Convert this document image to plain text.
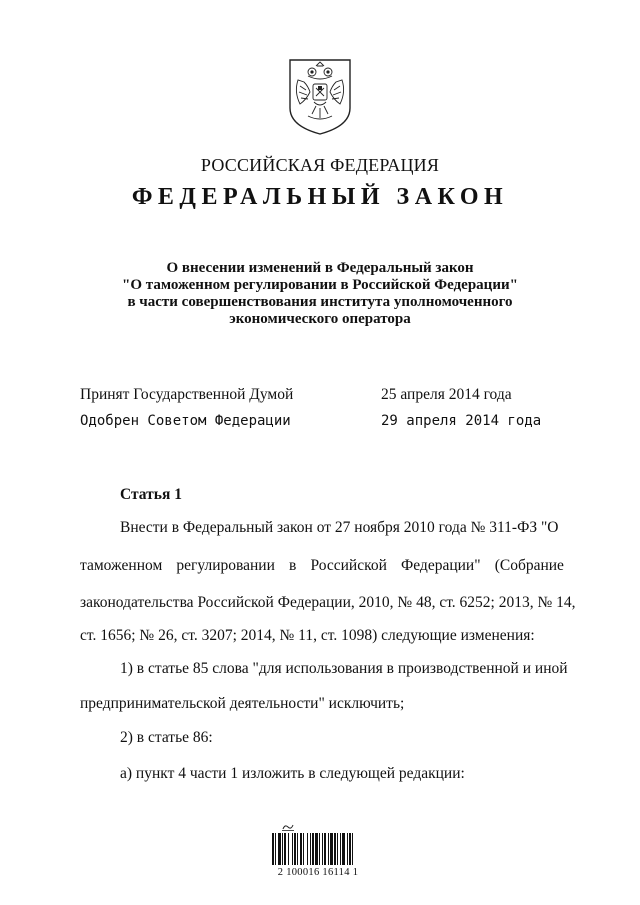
РОССИЙСКАЯ ФЕДЕРАЦИЯ
ФЕДЕРАЛЬНЫЙ ЗАКОН
О внесении изменений в Федеральный закон
"О таможенном регулировании в Российской Федерации"
в части совершенствования института уполномоченного
экономического оператора
Принят Государственной Думой	25 апреля 2014 года
Одобрен Советом Федерации	29 апреля 2014 года
Статья 1
Внести в Федеральный закон от 27 ноября 2010 года № 311-ФЗ "О
таможенном регулировании в Российской Федерации" (Собрание
законодательства Российской Федерации, 2010, № 48, ст. 6252; 2013, № 14,
ст. 1656; № 26, ст. 3207; 2014, № 11, ст. 1098) следующие изменения:
1) в статье 85 слова "для использования в производственной и иной
предпринимательской деятельности" исключить;
2) в статье 86:
а) пункт 4 части 1 изложить в следующей редакции:
2 100016 16114 1
